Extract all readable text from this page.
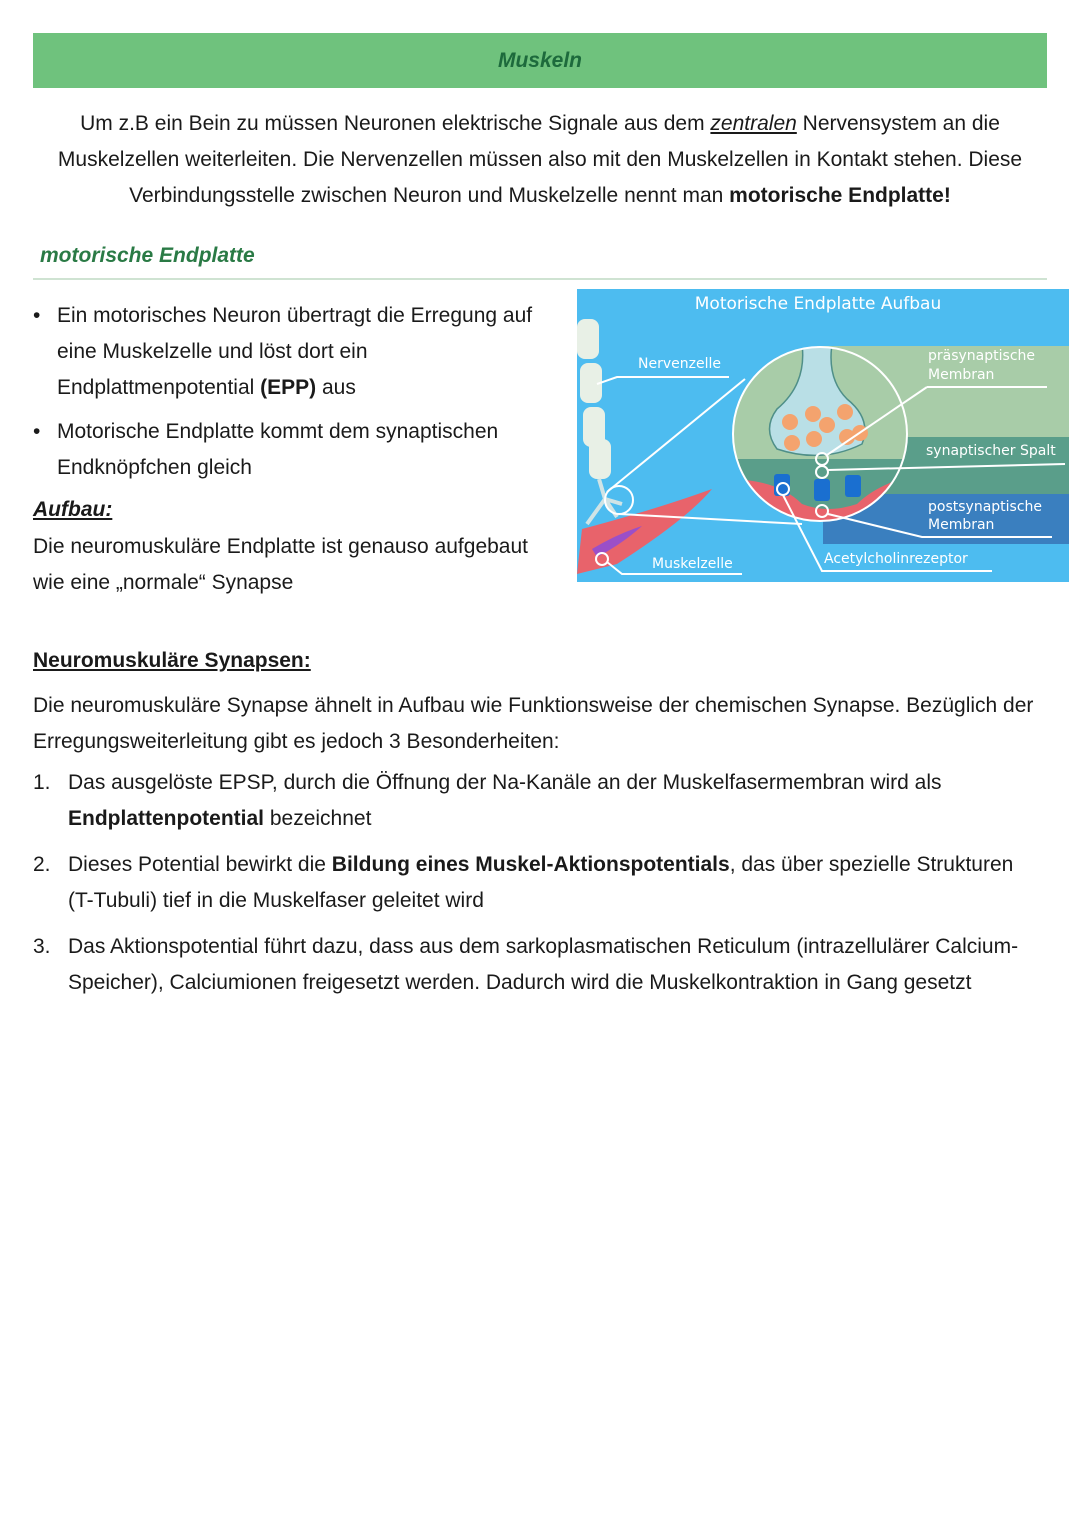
Muskeln
Um z.B ein Bein zu müssen Neuronen elektrische Signale aus dem zentralen Nervensystem an die Muskelzellen weiterleiten. Die Nervenzellen müssen also mit den Muskelzellen in Kontakt stehen. Diese Verbindungsstelle zwischen Neuron und Muskelzelle nennt man motorische Endplatte!
motorische Endplatte
• Ein motorisches Neuron übertragt die Erregung auf eine Muskelzelle und löst dort ein Endplattmenpotential (EPP) aus
• Motorische Endplatte kommt dem synaptischen Endknöpfchen gleich
Aufbau:
Die neuromuskuläre Endplatte ist genauso aufgebaut wie eine „normale“ Synapse
Motorische Endplatte Aufbau
Nervenzelle	präsynaptische
Membran
synaptischer Spalt
postsynaptische
Membran
Muskelzelle	Acetylcholinrezeptor
Neuromuskuläre Synapsen:
Die neuromuskuläre Synapse ähnelt in Aufbau wie Funktionsweise der chemischen Synapse. Bezüglich der Erregungsweiterleitung gibt es jedoch 3 Besonderheiten:
1. Das ausgelöste EPSP, durch die Öffnung der Na-Kanäle an der Muskelfasermembran wird als Endplattenpotential bezeichnet
2. Dieses Potential bewirkt die Bildung eines Muskel-Aktionspotentials, das über spezielle Strukturen (T-Tubuli) tief in die Muskelfaser geleitet wird
3. Das Aktionspotential führt dazu, dass aus dem sarkoplasmatischen Reticulum (intrazellulärer Calcium-Speicher), Calciumionen freigesetzt werden. Dadurch wird die Muskelkontraktion in Gang gesetzt
